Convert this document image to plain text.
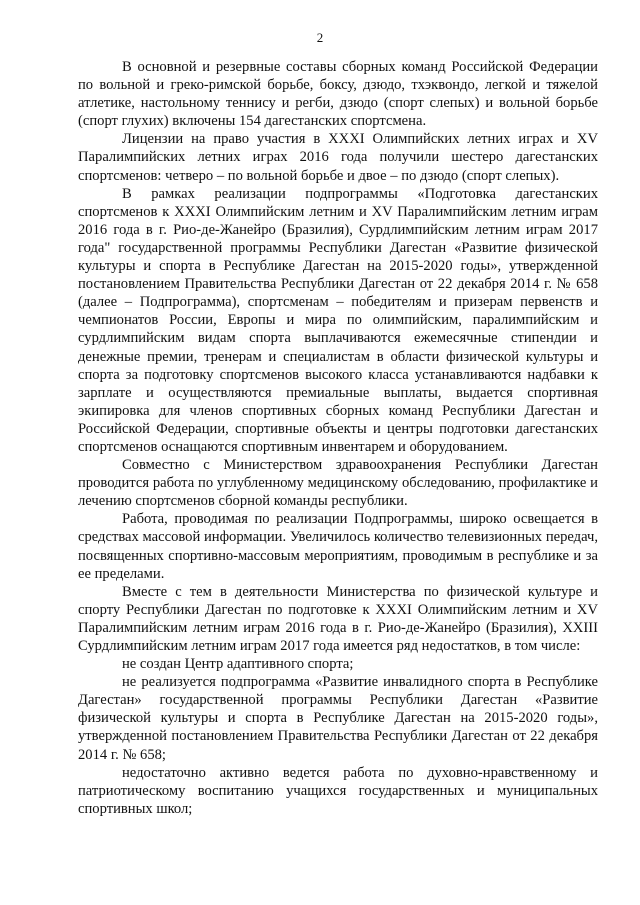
2

В основной и резервные составы сборных команд Российской Федерации по вольной и греко-римской борьбе, боксу, дзюдо, тхэквондо, легкой и тяжелой атлетике, настольному теннису и регби, дзюдо (спорт слепых) и вольной борьбе (спорт глухих) включены 154 дагестанских спортсмена.

Лицензии на право участия в XXXI Олимпийских летних играх и XV Паралимпийских летних играх 2016 года получили шестеро дагестанских спортсменов: четверо – по вольной борьбе и двое – по дзюдо (спорт слепых).

В рамках реализации подпрограммы «Подготовка дагестанских спортсменов к XXXI Олимпийским летним и XV Паралимпийским летним играм 2016 года в г. Рио-де-Жанейро (Бразилия), Сурдлимпийским летним играм 2017 года" государственной программы Республики Дагестан «Развитие физической культуры и спорта в Республике Дагестан на 2015-2020 годы», утвержденной постановлением Правительства Республики Дагестан от 22 декабря 2014 г. № 658 (далее – Подпрограмма), спортсменам – победителям и призерам первенств и чемпионатов России, Европы и мира по олимпийским, паралимпийским и сурдлимпийским видам спорта выплачиваются ежемесячные стипендии и денежные премии, тренерам и специалистам в области физической культуры и спорта за подготовку спортсменов высокого класса устанавливаются надбавки к зарплате и осуществляются премиальные выплаты, выдается спортивная экипировка для членов спортивных сборных команд Республики Дагестан и Российской Федерации, спортивные объекты и центры подготовки дагестанских спортсменов оснащаются спортивным инвентарем и оборудованием.

Совместно с Министерством здравоохранения Республики Дагестан проводится работа по углубленному медицинскому обследованию, профилактике и лечению спортсменов сборной команды республики.

Работа, проводимая по реализации Подпрограммы, широко освещается в средствах массовой информации. Увеличилось количество телевизионных передач, посвященных спортивно-массовым мероприятиям, проводимым в республике и за ее пределами.

Вместе с тем в деятельности Министерства по физической культуре и спорту Республики Дагестан по подготовке к XXXI Олимпийским летним и XV Паралимпийским летним играм 2016 года в г. Рио-де-Жанейро (Бразилия), XXIII Сурдлимпийским летним играм 2017 года имеется ряд недостатков, в том числе:

не создан Центр адаптивного спорта;

не реализуется подпрограмма «Развитие инвалидного спорта в Республике Дагестан» государственной программы Республики Дагестан «Развитие физической культуры и спорта в Республике Дагестан на 2015-2020 годы», утвержденной постановлением Правительства Республики Дагестан от 22 декабря 2014 г. № 658;

недостаточно активно ведется работа по духовно-нравственному и патриотическому воспитанию учащихся государственных и муниципальных спортивных школ;
